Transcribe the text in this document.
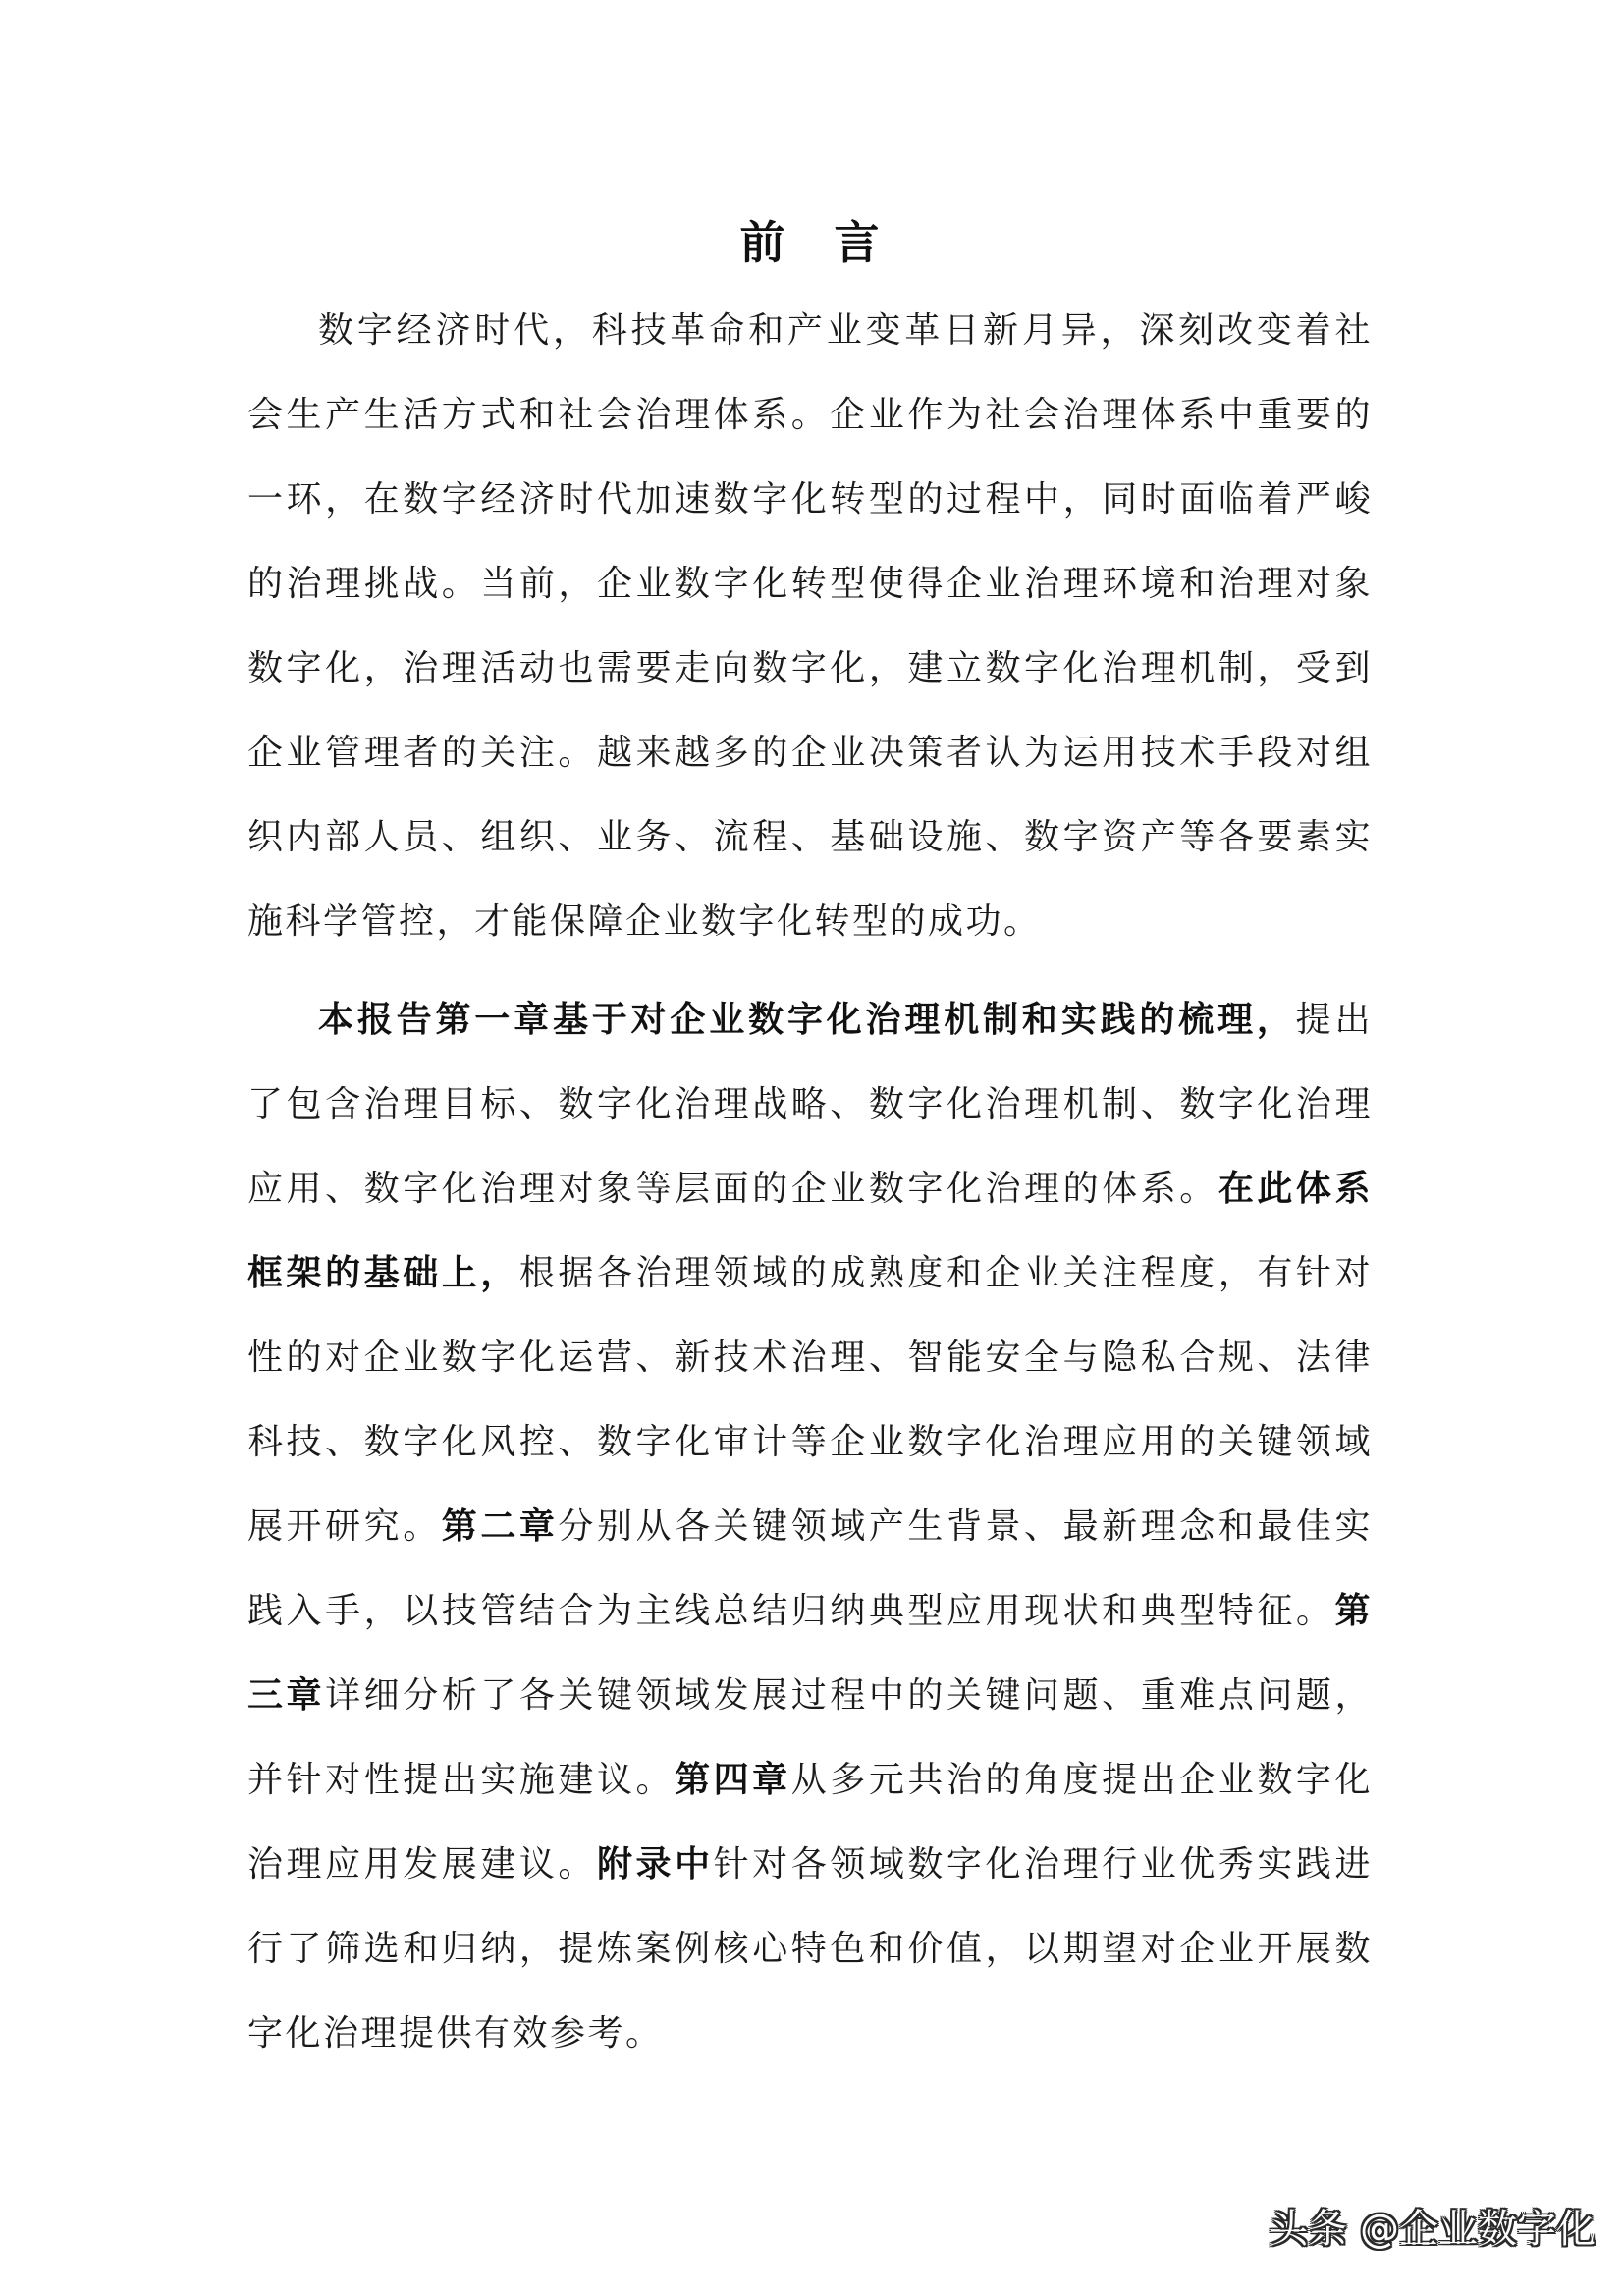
前 言

数字经济时代，科技革命和产业变革日新月异，深刻改变着社会生产生活方式和社会治理体系。企业作为社会治理体系中重要的一环，在数字经济时代加速数字化转型的过程中，同时面临着严峻的治理挑战。当前，企业数字化转型使得企业治理环境和治理对象数字化，治理活动也需要走向数字化，建立数字化治理机制，受到企业管理者的关注。越来越多的企业决策者认为运用技术手段对组织内部人员、组织、业务、流程、基础设施、数字资产等各要素实施科学管控，才能保障企业数字化转型的成功。

本报告第一章基于对企业数字化治理机制和实践的梳理，提出了包含治理目标、数字化治理战略、数字化治理机制、数字化治理应用、数字化治理对象等层面的企业数字化治理的体系。在此体系框架的基础上，根据各治理领域的成熟度和企业关注程度，有针对性的对企业数字化运营、新技术治理、智能安全与隐私合规、法律科技、数字化风控、数字化审计等企业数字化治理应用的关键领域展开研究。第二章分别从各关键领域产生背景、最新理念和最佳实践入手，以技管结合为主线总结归纳典型应用现状和典型特征。第三章详细分析了各关键领域发展过程中的关键问题、重难点问题，并针对性提出实施建议。第四章从多元共治的角度提出企业数字化治理应用发展建议。附录中针对各领域数字化治理行业优秀实践进行了筛选和归纳，提炼案例核心特色和价值，以期望对企业开展数字化治理提供有效参考。

头条 @企业数字化
